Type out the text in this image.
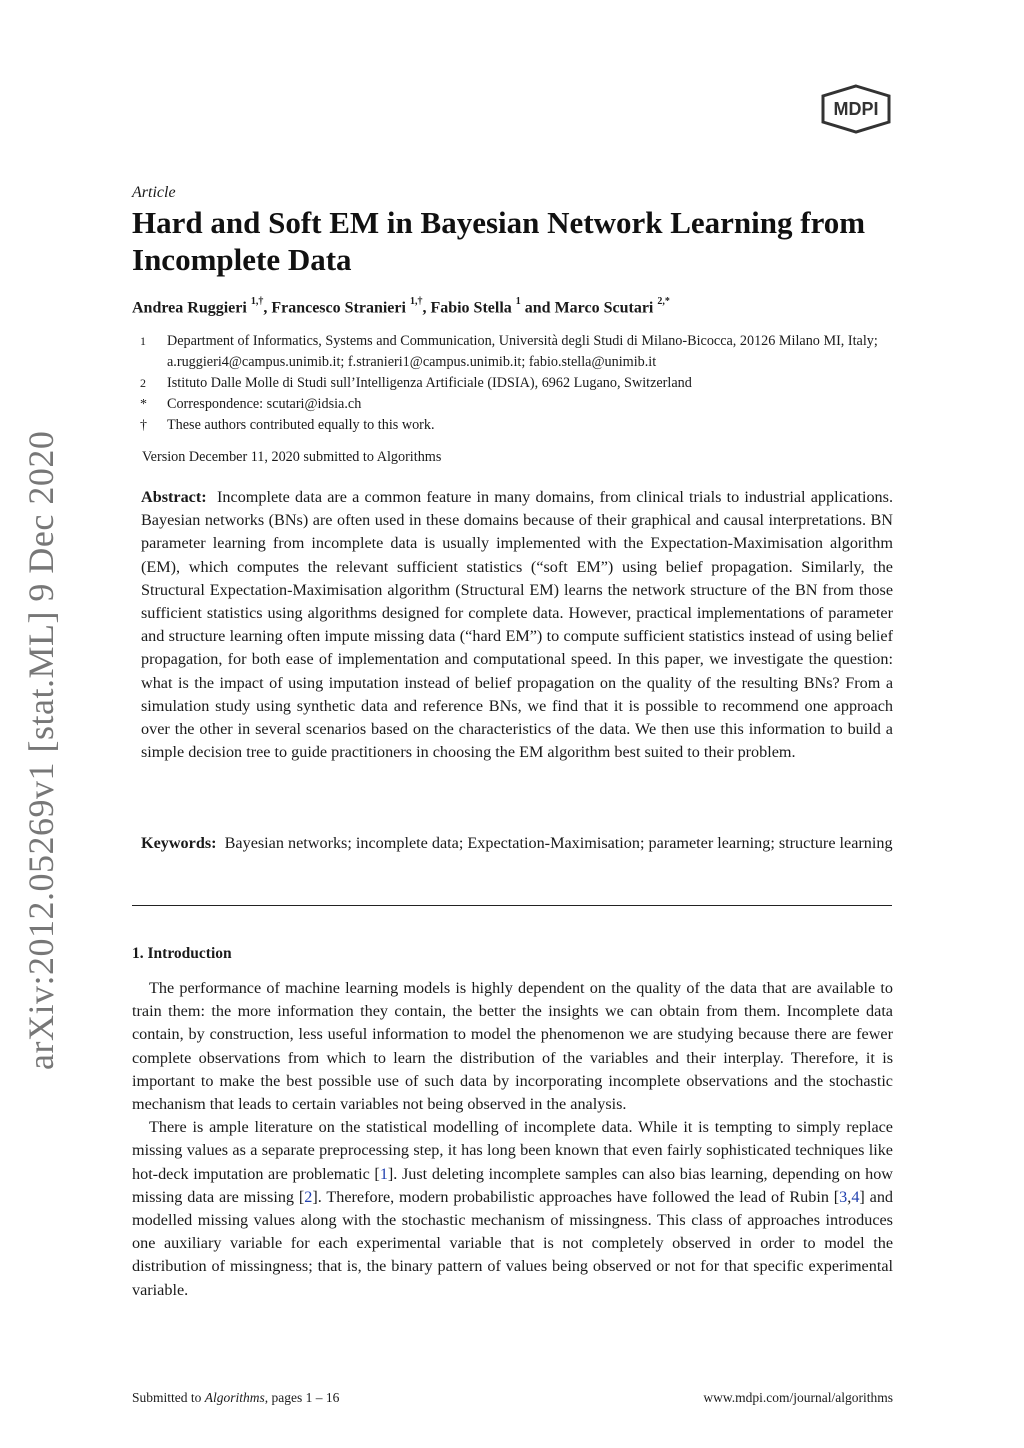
arXiv:2012.05269v1 [stat.ML] 9 Dec 2020
MDPI
Article
Hard and Soft EM in Bayesian Network Learning from Incomplete Data
Andrea Ruggieri $^{1,\dagger}$, Francesco Stranieri $^{1,\dagger}$, Fabio Stella $^1$ and Marco Scutari $^{2,*}$
1	Department of Informatics, Systems and Communication, Università degli Studi di Milano-Bicocca, 20126 Milano MI, Italy; a.ruggieri4@campus.unimib.it; f.stranieri1@campus.unimib.it; fabio.stella@unimib.it
2	Istituto Dalle Molle di Studi sull’Intelligenza Artificiale (IDSIA), 6962 Lugano, Switzerland
*	Correspondence: scutari@idsia.ch
†	These authors contributed equally to this work.
Version December 11, 2020 submitted to Algorithms

Abstract: Incomplete data are a common feature in many domains, from clinical trials to industrial applications. Bayesian networks (BNs) are often used in these domains because of their graphical and causal interpretations. BN parameter learning from incomplete data is usually implemented with the Expectation-Maximisation algorithm (EM), which computes the relevant sufficient statistics (“soft EM”) using belief propagation. Similarly, the Structural Expectation-Maximisation algorithm (Structural EM) learns the network structure of the BN from those sufficient statistics using algorithms designed for complete data. However, practical implementations of parameter and structure learning often impute missing data (“hard EM”) to compute sufficient statistics instead of using belief propagation, for both ease of implementation and computational speed. In this paper, we investigate the question: what is the impact of using imputation instead of belief propagation on the quality of the resulting BNs? From a simulation study using synthetic data and reference BNs, we find that it is possible to recommend one approach over the other in several scenarios based on the characteristics of the data. We then use this information to build a simple decision tree to guide practitioners in choosing the EM algorithm best suited to their problem.

Keywords: Bayesian networks; incomplete data; Expectation-Maximisation; parameter learning; structure learning

1. Introduction

The performance of machine learning models is highly dependent on the quality of the data that are available to train them: the more information they contain, the better the insights we can obtain from them. Incomplete data contain, by construction, less useful information to model the phenomenon we are studying because there are fewer complete observations from which to learn the distribution of the variables and their interplay. Therefore, it is important to make the best possible use of such data by incorporating incomplete observations and the stochastic mechanism that leads to certain variables not being observed in the analysis.

There is ample literature on the statistical modelling of incomplete data. While it is tempting to simply replace missing values as a separate preprocessing step, it has long been known that even fairly sophisticated techniques like hot-deck imputation are problematic [1]. Just deleting incomplete samples can also bias learning, depending on how missing data are missing [2]. Therefore, modern probabilistic approaches have followed the lead of Rubin [3,4] and modelled missing values along with the stochastic mechanism of missingness. This class of approaches introduces one auxiliary variable for each experimental variable that is not completely observed in order to model the distribution of missingness; that is, the binary pattern of values being observed or not for that specific experimental variable.

Submitted to Algorithms, pages 1 – 16	www.mdpi.com/journal/algorithms
